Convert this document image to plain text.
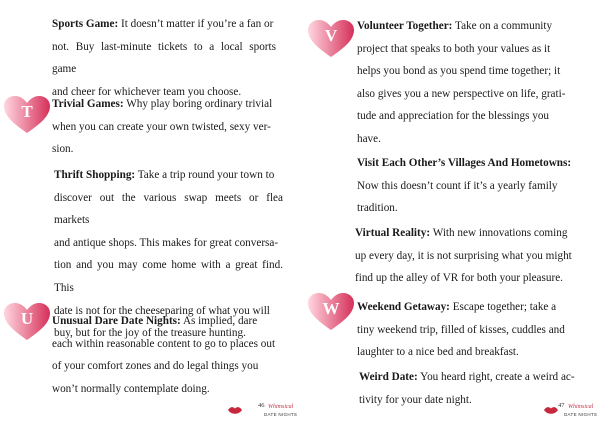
Sports Game: It doesn’t matter if you’re a fan or
not. Buy last-minute tickets to a local sports game
and cheer for whichever team you choose.

T	Trivial Games: Why play boring ordinary trivial
when you can create your own twisted, sexy ver-
sion.

Thrift Shopping: Take a trip round your town to
discover out the various swap meets or flea markets
and antique shops. This makes for great conversa-
tion and you may come home with a great find. This
date is not for the cheeseparing of what you will
buy, but for the joy of the treasure hunting.

U	Unusual Dare Date Nights: As implied, dare
each within reasonable content to go to places out
of your comfort zones and do legal things you
won’t normally contemplate doing.

46 Whimsical
DATE NIGHTS
V	Volunteer Together: Take on a community
project that speaks to both your values as it
helps you bond as you spend time together; it
also gives you a new perspective on life, grati-
tude and appreciation for the blessings you
have.

Visit Each Other’s Villages And Hometowns:
Now this doesn’t count if it’s a yearly family
tradition.

Virtual Reality: With new innovations coming
up every day, it is not surprising what you might
find up the alley of VR for both your pleasure.

W	Weekend Getaway: Escape together; take a
tiny weekend trip, filled of kisses, cuddles and
laughter to a nice bed and breakfast.

Weird Date: You heard right, create a weird ac-
tivity for your date night.	47 Whimsical
DATE NIGHTS
